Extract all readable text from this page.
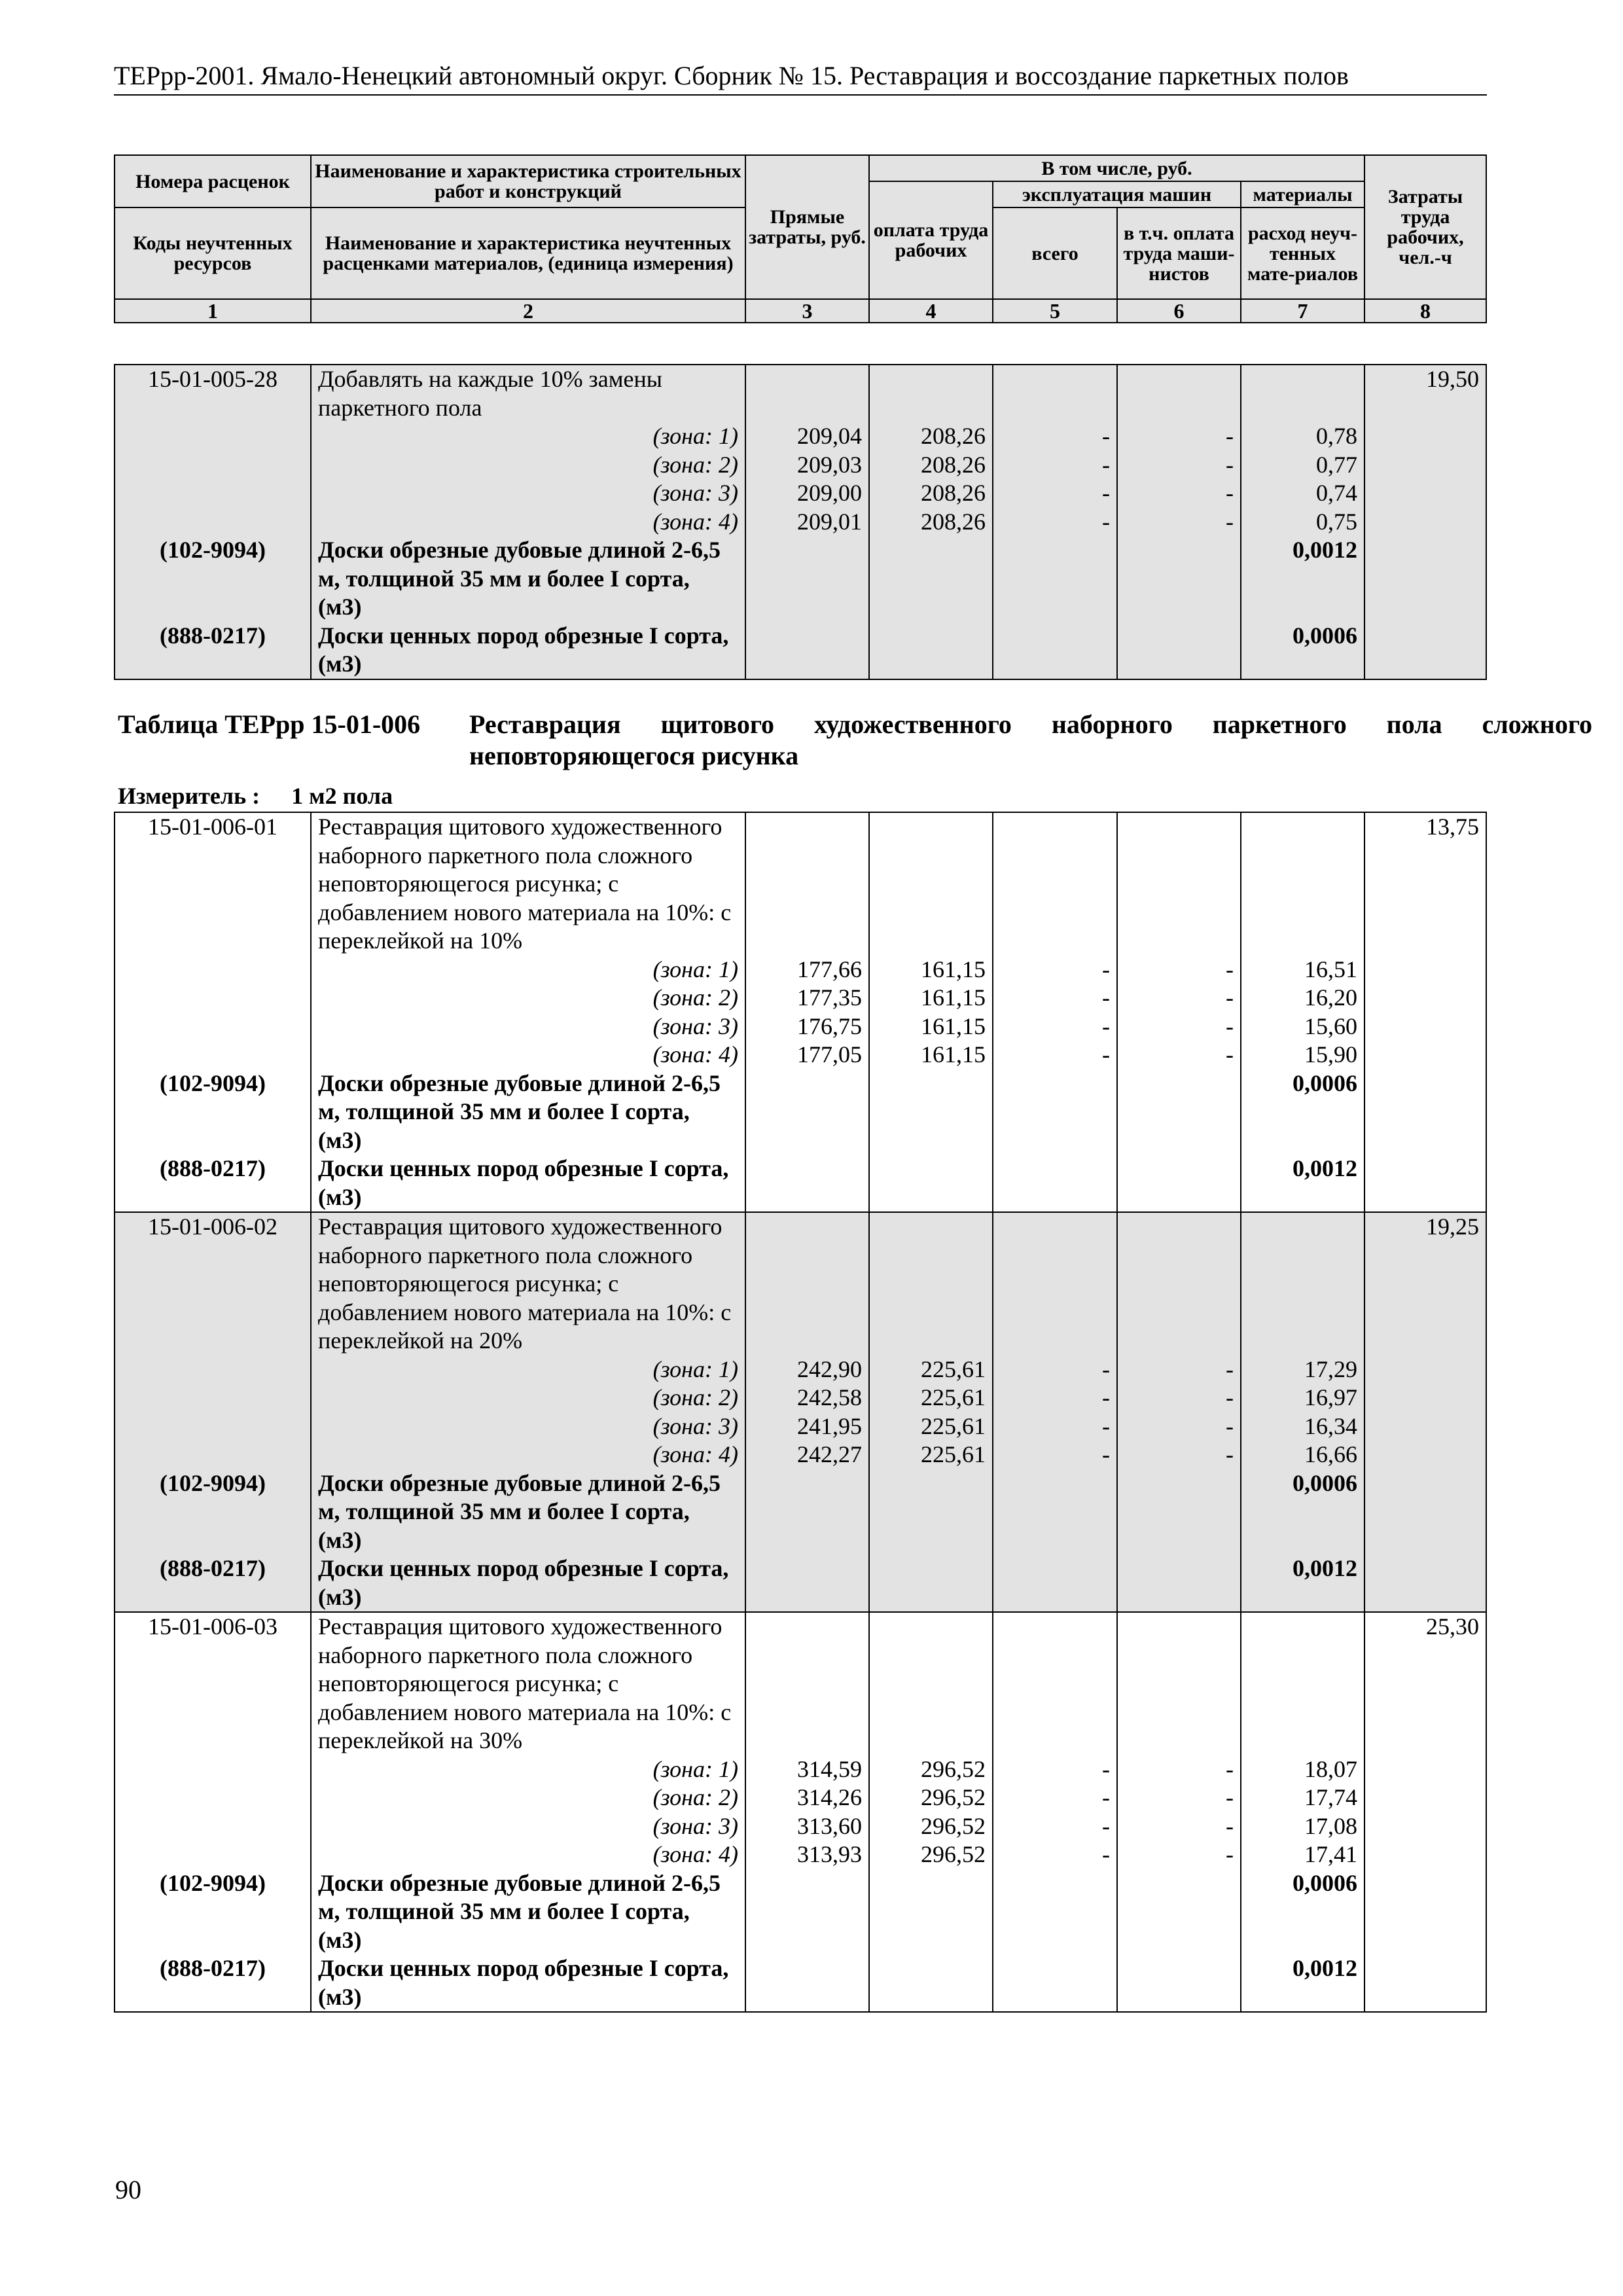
ТЕРрр-2001. Ямало-Ненецкий автономный округ. Сборник № 15. Реставрация и воссоздание паркетных полов
Номера расценок	Наименование и характеристика строительных работ и конструкций	Прямые затраты, руб.	В том числе, руб.				Затраты труда рабочих, чел.-ч
			оплата труда рабочих	эксплуатация машин		материалы	
Коды неучтенных ресурсов	Наименование и характеристика неучтенных расценками материалов, (единица измерения)			всего	в т.ч. оплата труда маши-нистов	расход неуч-тенных мате-риалов	

1	2	3	4	5	6	7	8
15-01-005-28	Добавлять на каждые 10% замены паркетного пола						19,50
	(зона: 1)	209,04	208,26	-	-	0,78	
	(зона: 2)	209,03	208,26	-	-	0,77	
	(зона: 3)	209,00	208,26	-	-	0,74	
	(зона: 4)	209,01	208,26	-	-	0,75	
(102-9094)	Доски обрезные дубовые длиной 2-6,5 м, толщиной 35 мм и более I сорта, (м3)					0,0012	
(888-0217)	Доски ценных пород обрезные I сорта, (м3)					0,0006	
Таблица ТЕРрр 15-01-006 Реставрация щитового художественного наборного паркетного пола сложного неповторяющегося рисунка
Измеритель : 1 м2 пола
15-01-006-01	Реставрация щитового художественного наборного паркетного пола сложного неповторяющегося рисунка; с добавлением нового материала на 10%: с переклейкой на 10%						13,75
	(зона: 1)	177,66	161,15	-	-	16,51	
	(зона: 2)	177,35	161,15	-	-	16,20	
	(зона: 3)	176,75	161,15	-	-	15,60	
	(зона: 4)	177,05	161,15	-	-	15,90	
(102-9094)	Доски обрезные дубовые длиной 2-6,5 м, толщиной 35 мм и более I сорта, (м3)					0,0006	
(888-0217)	Доски ценных пород обрезные I сорта, (м3)					0,0012	
15-01-006-02	Реставрация щитового художественного наборного паркетного пола сложного неповторяющегося рисунка; с добавлением нового материала на 10%: с переклейкой на 20%						19,25
	(зона: 1)	242,90	225,61	-	-	17,29	
	(зона: 2)	242,58	225,61	-	-	16,97	
	(зона: 3)	241,95	225,61	-	-	16,34	
	(зона: 4)	242,27	225,61	-	-	16,66	
(102-9094)	Доски обрезные дубовые длиной 2-6,5 м, толщиной 35 мм и более I сорта, (м3)					0,0006	
(888-0217)	Доски ценных пород обрезные I сорта, (м3)					0,0012	
15-01-006-03	Реставрация щитового художественного наборного паркетного пола сложного неповторяющегося рисунка; с добавлением нового материала на 10%: с переклейкой на 30%						25,30
	(зона: 1)	314,59	296,52	-	-	18,07	
	(зона: 2)	314,26	296,52	-	-	17,74	
	(зона: 3)	313,60	296,52	-	-	17,08	
	(зона: 4)	313,93	296,52	-	-	17,41	
(102-9094)	Доски обрезные дубовые длиной 2-6,5 м, толщиной 35 мм и более I сорта, (м3)					0,0006	
(888-0217)	Доски ценных пород обрезные I сорта, (м3)					0,0012	
90
